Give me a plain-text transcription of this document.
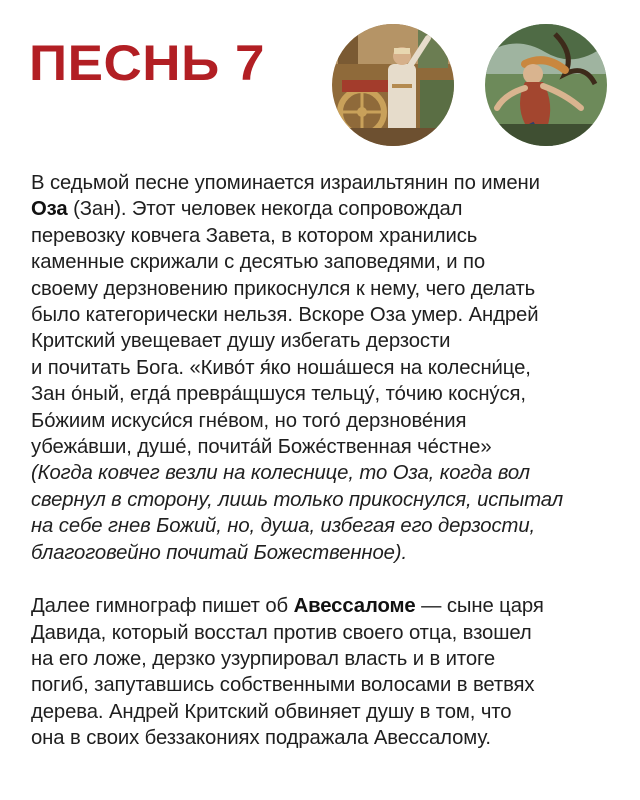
ПЕСНЬ 7

В седьмой песне упоминается израильтянин по имени
Оза (Зан). Этот человек некогда сопровождал
перевозку ковчега Завета, в котором хранились
каменные скрижали с десятью заповедями, и по
своему дерзновению прикоснулся к нему, чего делать
было категорически нельзя. Вскоре Оза умер. Андрей
Критский увещевает душу избегать дерзости
и почитать Бога. «Киво́т я́ко ноша́шеся на колесни́це,
Зан о́ный, егда́ превра́щшуся тельцу́, то́чию косну́ся,
Бо́жиим искуси́ся гне́вом, но того́ дерзнове́ния
убежа́вши, душе́, почита́й Боже́ственная че́стне»
(Когда ковчег везли на колеснице, то Оза, когда вол
свернул в сторону, лишь только прикоснулся, испытал
на себе гнев Божий, но, душа, избегая его дерзости,
благоговейно почитай Божественное).

Далее гимнограф пишет об Авессаломе — сыне царя
Давида, который восстал против своего отца, взошел
на его ложе, дерзко узурпировал власть и в итоге
погиб, запутавшись собственными волосами в ветвях
дерева. Андрей Критский обвиняет душу в том, что
она в своих беззакониях подражала Авессалому.
